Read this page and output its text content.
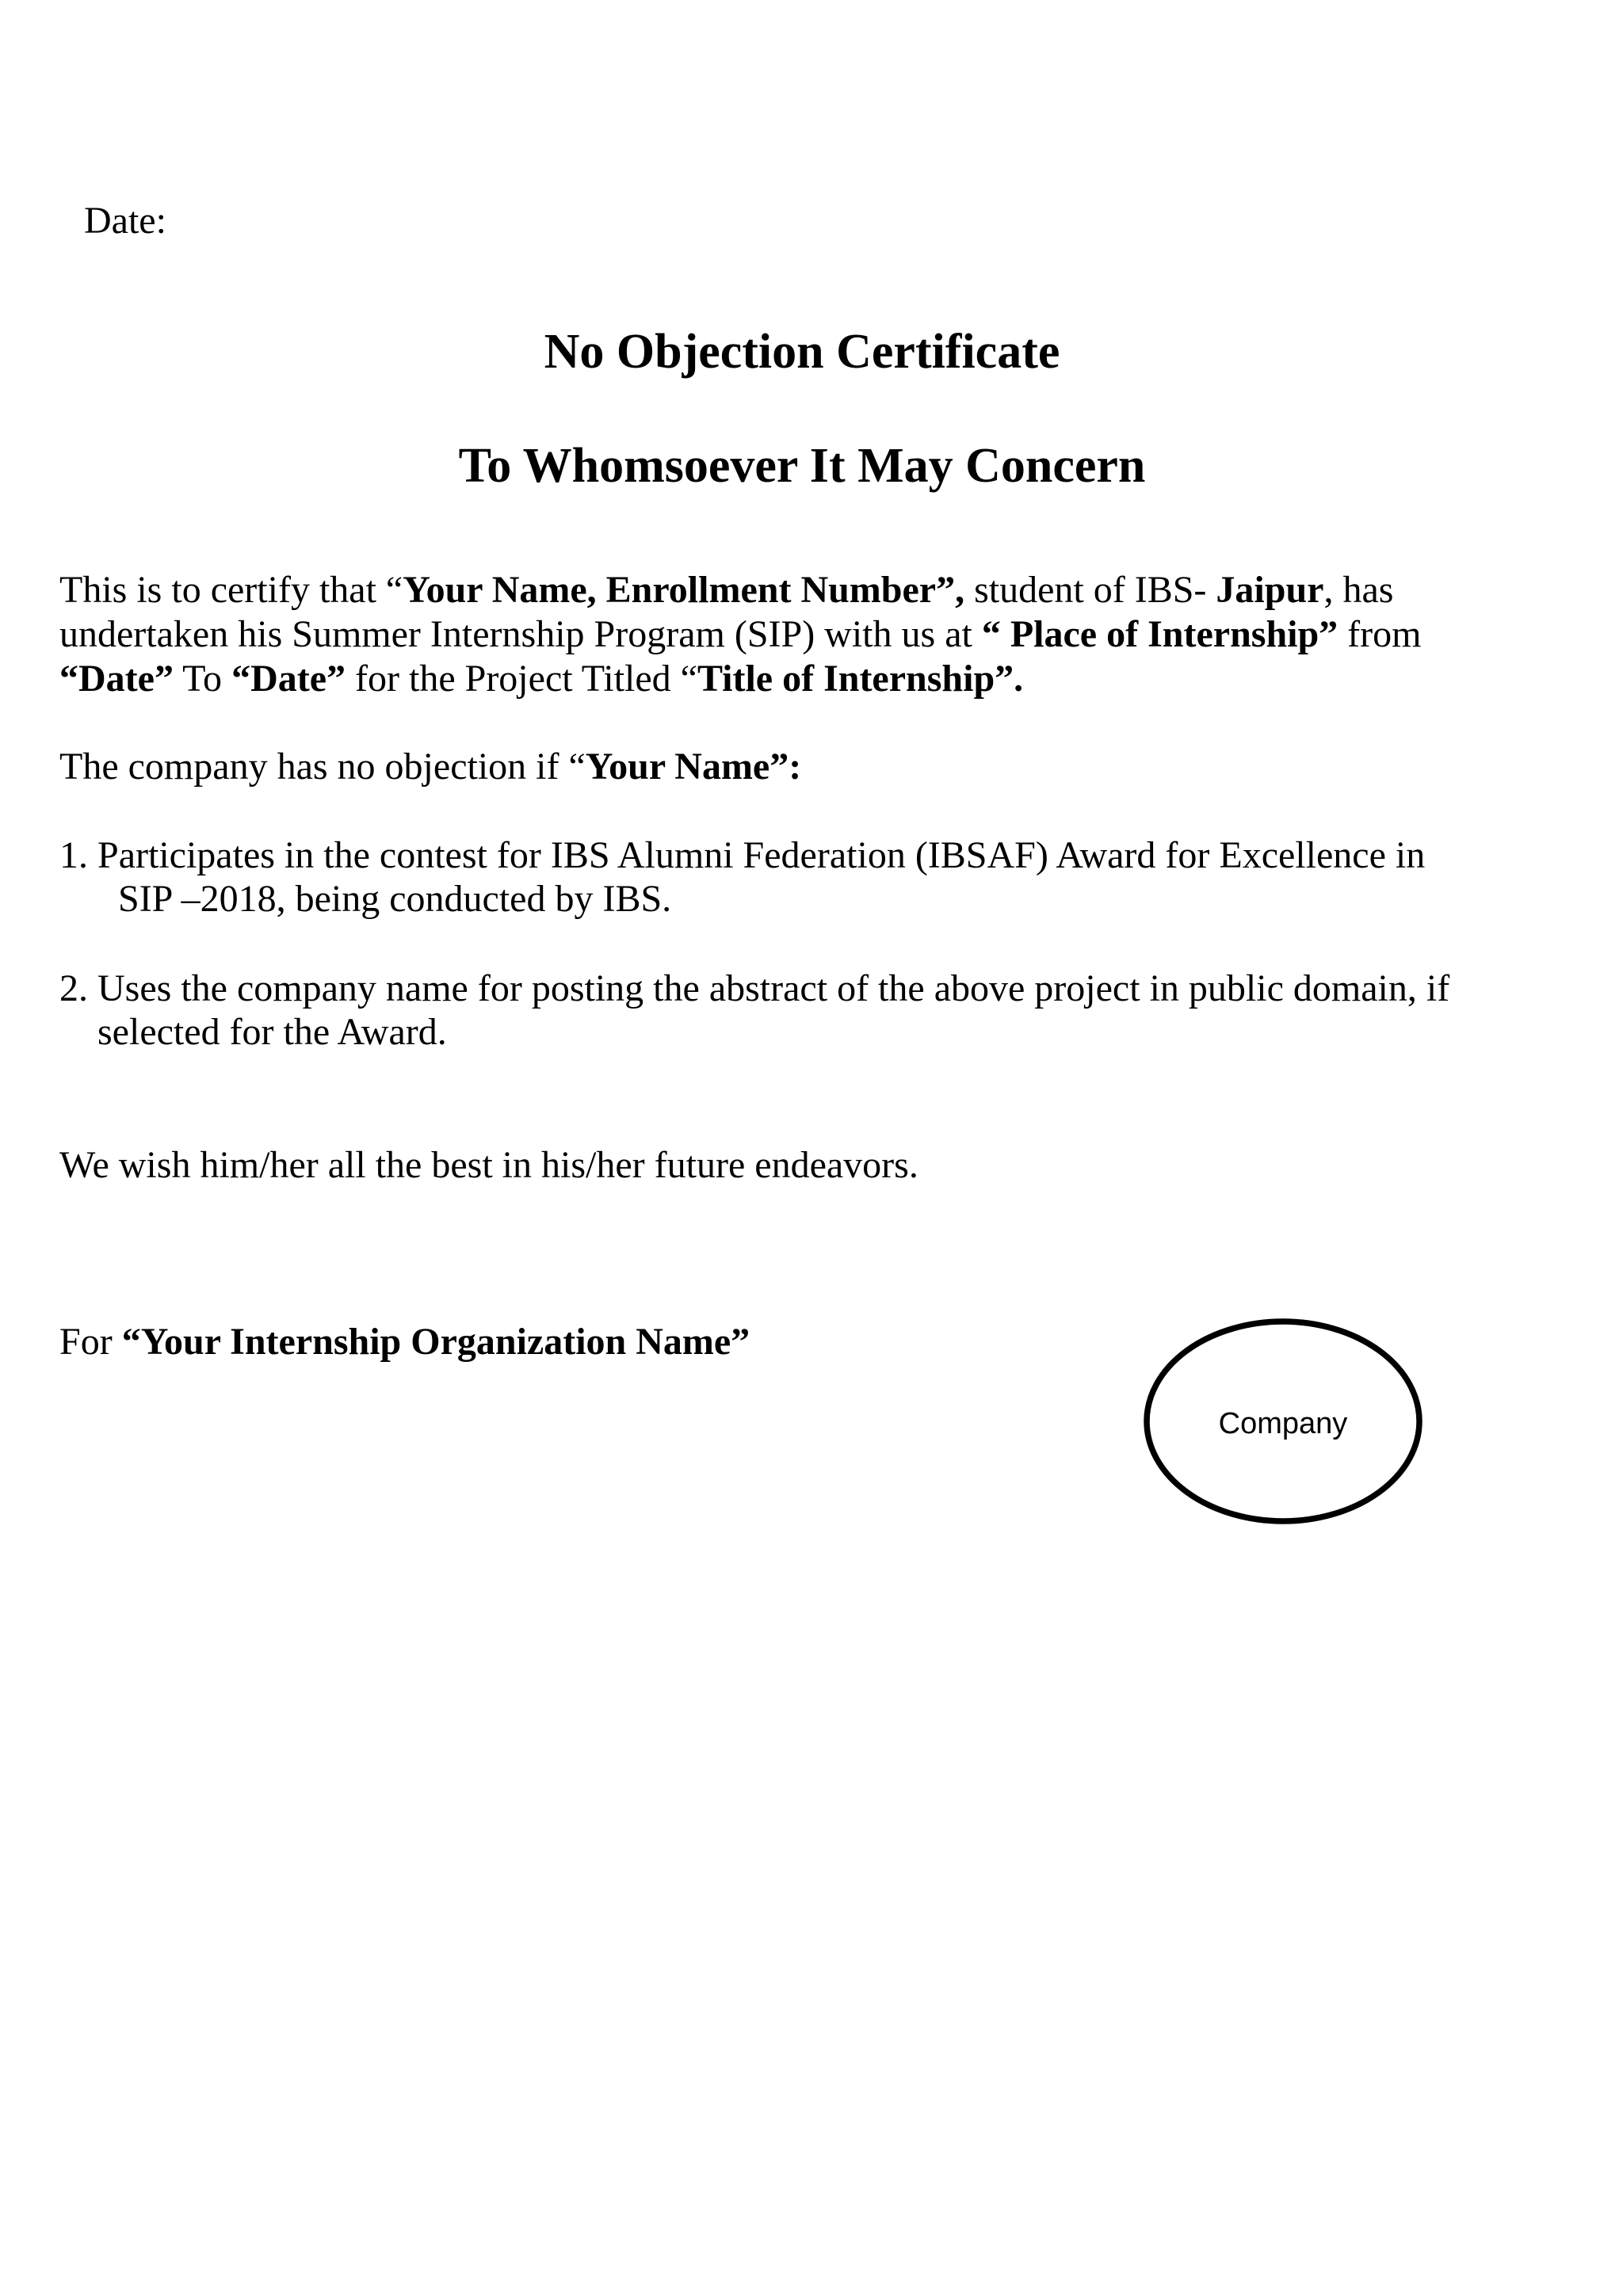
Date:
No Objection Certificate
To Whomsoever It May Concern
This is to certify that “Your Name, Enrollment Number”, student of IBS- Jaipur, has
undertaken his Summer Internship Program (SIP) with us at “ Place of Internship” from
“Date” To “Date” for the Project Titled “Title of Internship”.
The company has no objection if “Your Name”:
1. Participates in the contest for IBS Alumni Federation (IBSAF) Award for Excellence in
SIP –2018, being conducted by IBS.
2. Uses the company name for posting the abstract of the above project in public domain, if
selected for the Award.
We wish him/her all the best in his/her future endeavors.
For “Your Internship Organization Name”
Company
